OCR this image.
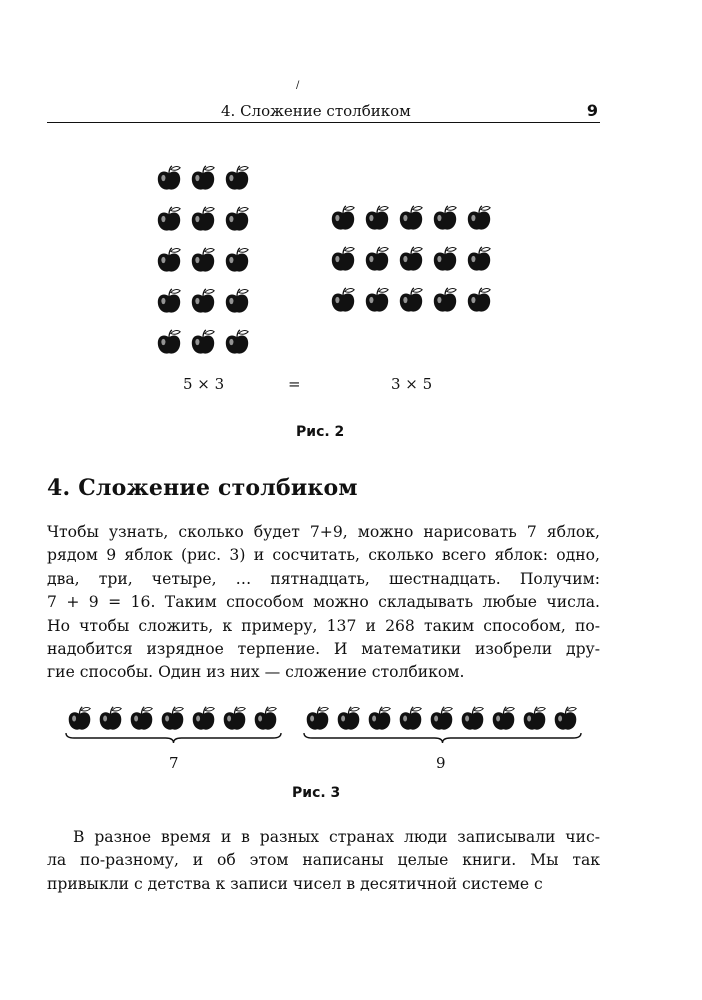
/
4. Сложение столбиком	9
5 × 3	=	3 × 5
Рис. 2
4. Сложение столбиком
Чтобы узнать, сколько будет 7+9, можно нарисовать 7 яблок,
рядом 9 яблок (рис. 3) и сосчитать, сколько всего яблок: одно,
два, три, четыре, … пятнадцать, шестнадцать. Получим:
7 + 9 = 16. Таким способом можно складывать любые числа.
Но чтобы сложить, к примеру, 137 и 268 таким способом, по-
надобится изрядное терпение. И математики изобрели дру-
гие способы. Один из них — сложение столбиком.
7	9
Рис. 3
В разное время и в разных странах люди записывали чис-
ла по-разному, и об этом написаны целые книги. Мы так
привыкли с детства к записи чисел в десятичной системе с
